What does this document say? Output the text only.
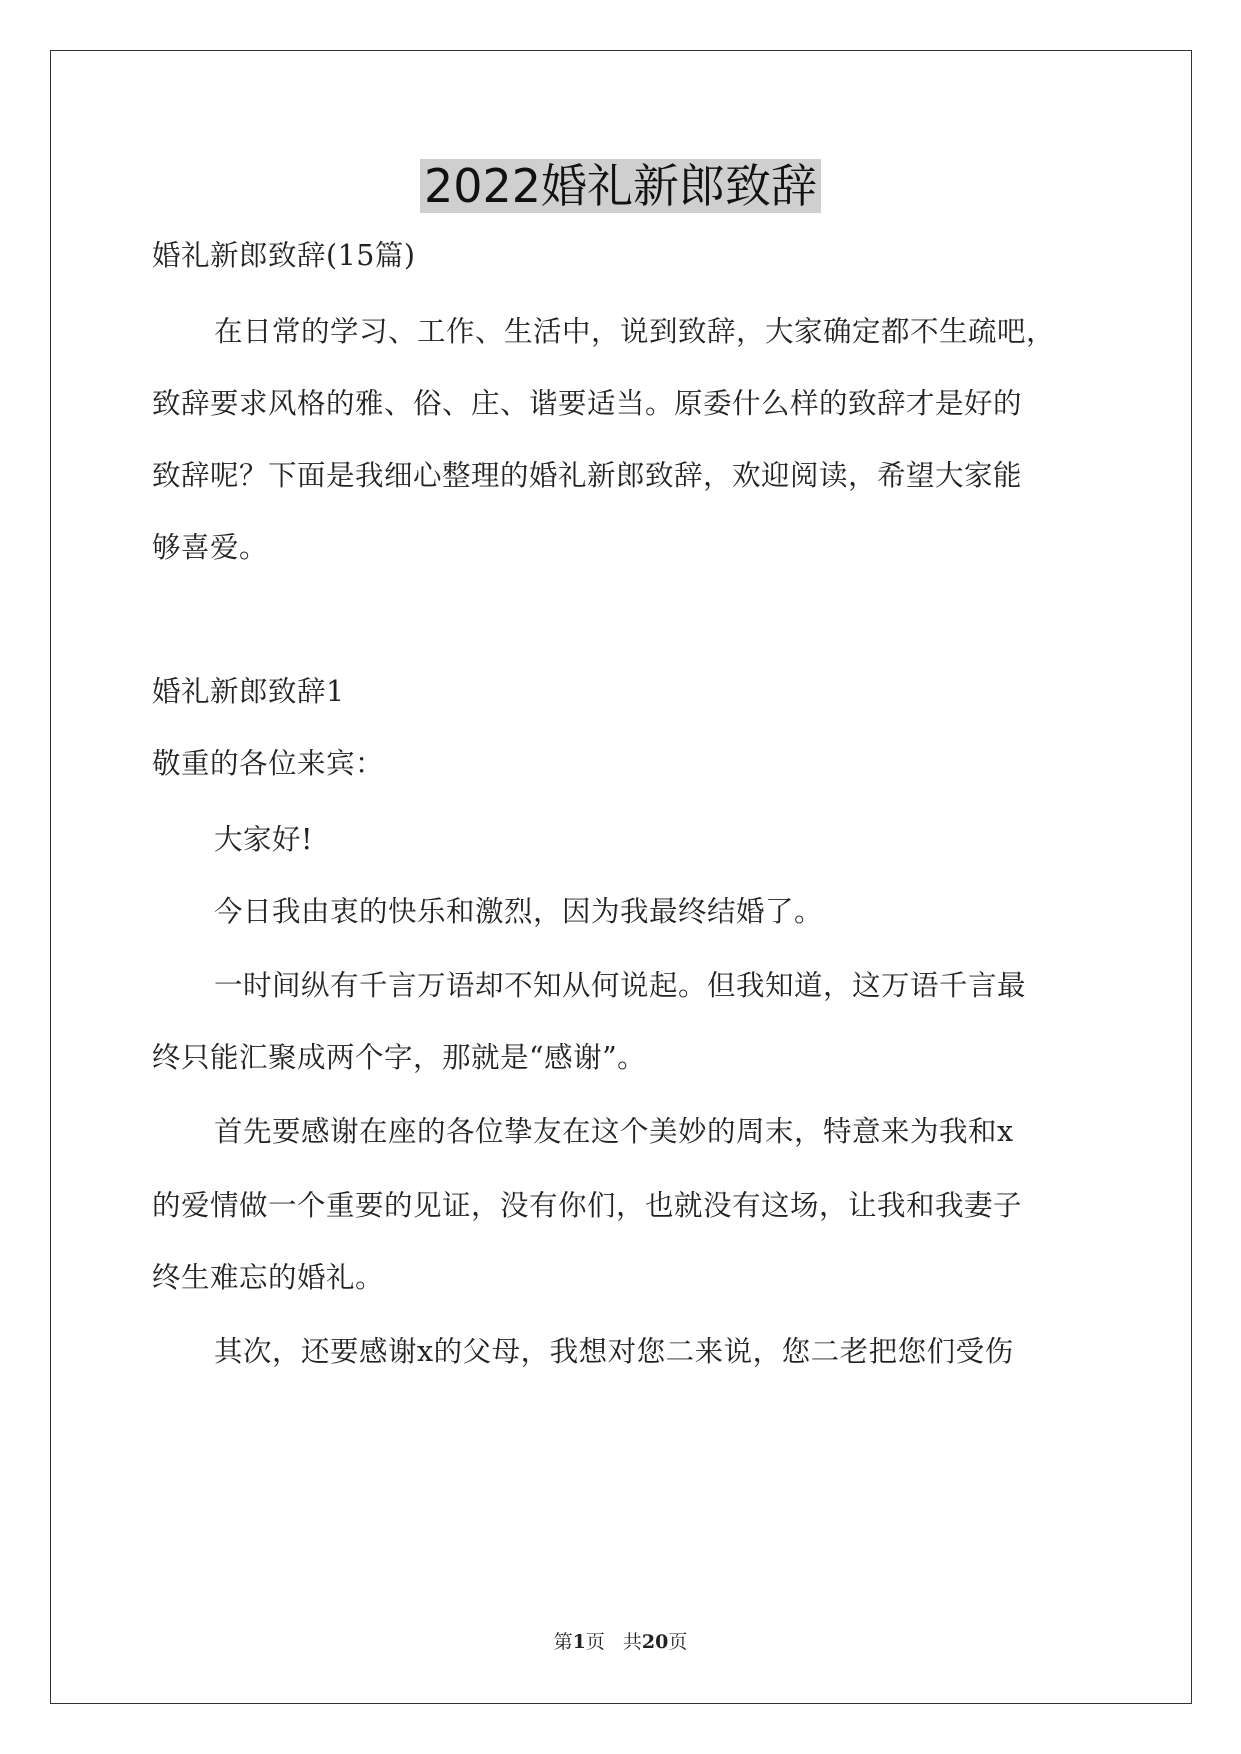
2022婚礼新郎致辞
婚礼新郎致辞(15篇)
在日常的学习、工作、生活中，说到致辞，大家确定都不生疏吧，
致辞要求风格的雅、俗、庄、谐要适当。原委什么样的致辞才是好的
致辞呢？下面是我细心整理的婚礼新郎致辞，欢迎阅读，希望大家能
够喜爱。
婚礼新郎致辞1
敬重的各位来宾：
大家好!
今日我由衷的快乐和激烈，因为我最终结婚了。
一时间纵有千言万语却不知从何说起。但我知道，这万语千言最
终只能汇聚成两个字，那就是“感谢”。
首先要感谢在座的各位挚友在这个美妙的周末，特意来为我和x
的爱情做一个重要的见证，没有你们，也就没有这场，让我和我妻子
终生难忘的婚礼。
其次，还要感谢x的父母，我想对您二来说，您二老把您们受伤
第1页 共20页
